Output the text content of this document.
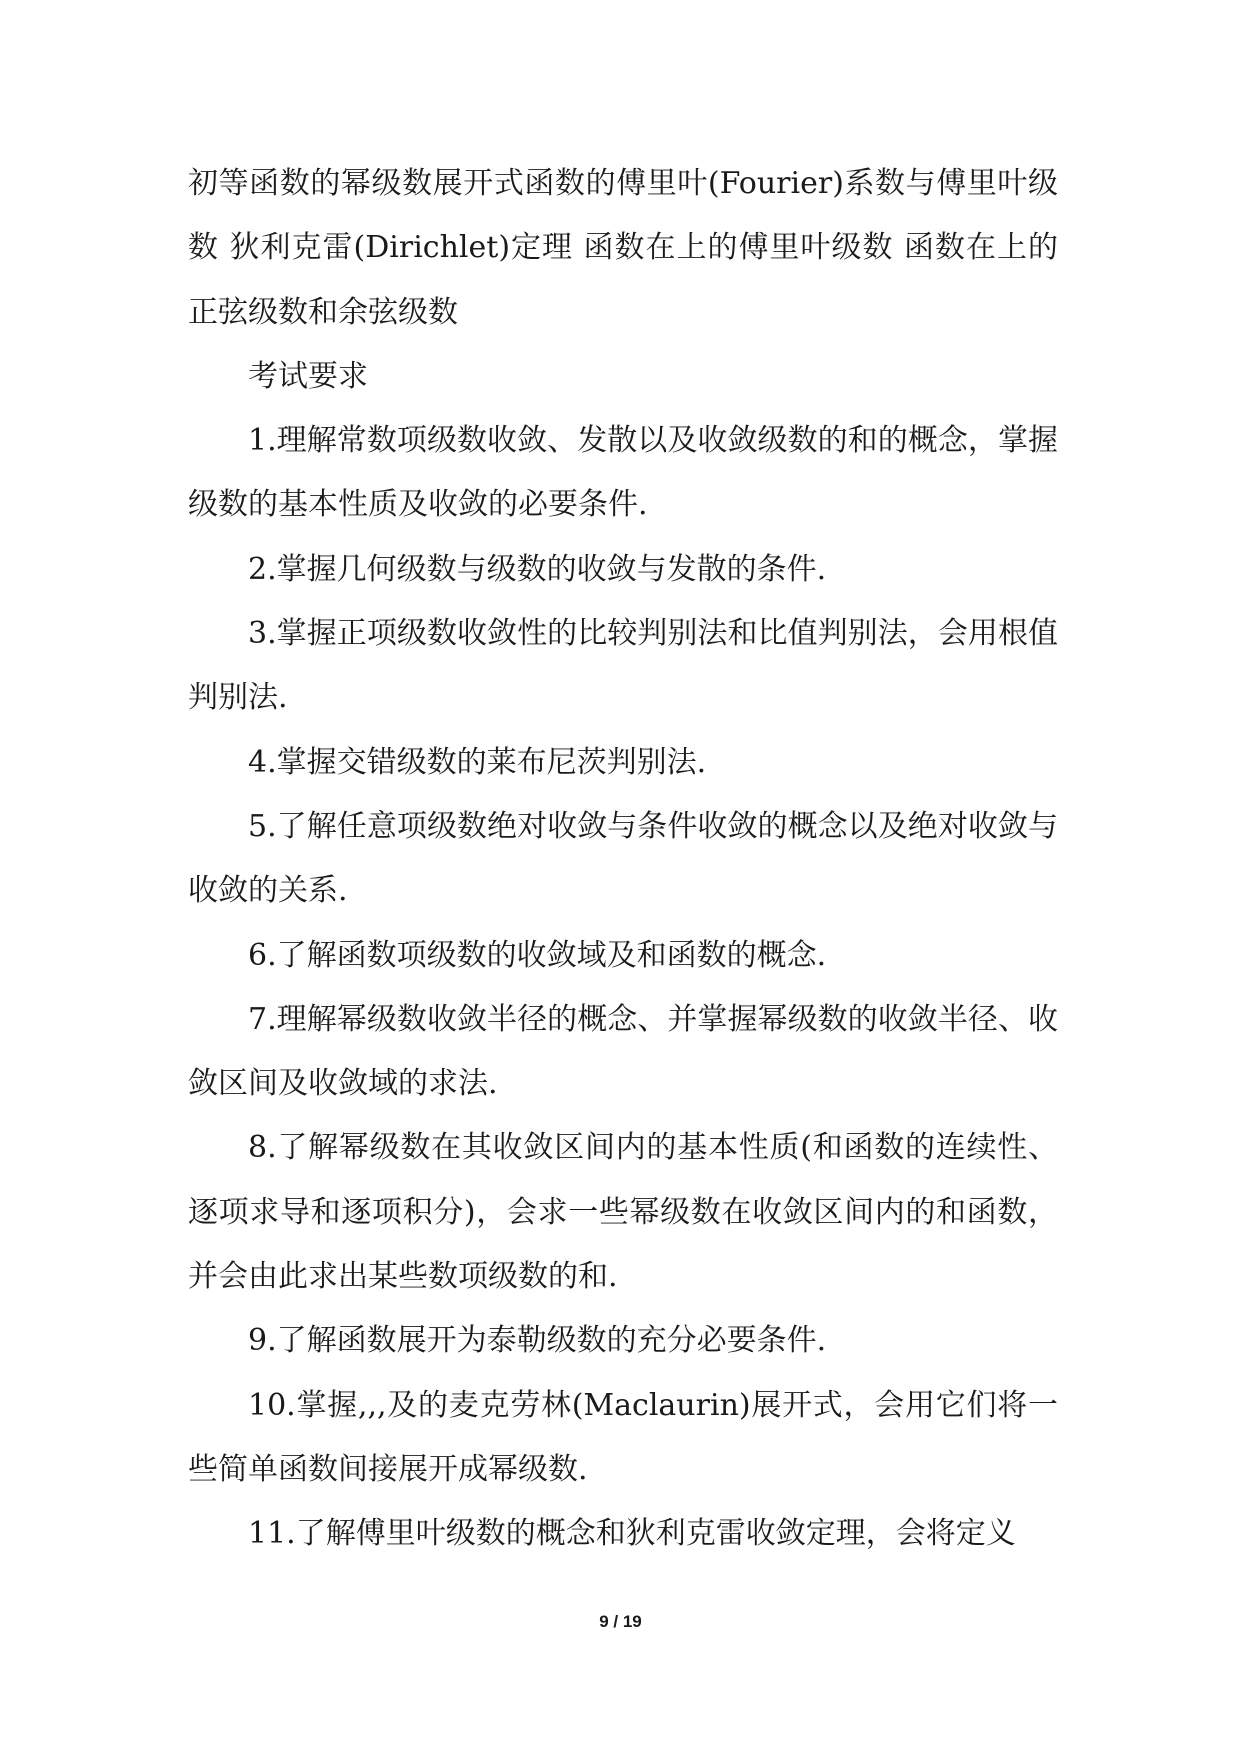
初等函数的幂级数展开式函数的傅里叶(Fourier)系数与傅里叶级数 狄利克雷(Dirichlet)定理 函数在上的傅里叶级数 函数在上的正弦级数和余弦级数

考试要求

1.理解常数项级数收敛、发散以及收敛级数的和的概念，掌握级数的基本性质及收敛的必要条件.

2.掌握几何级数与级数的收敛与发散的条件.

3.掌握正项级数收敛性的比较判别法和比值判别法，会用根值判别法.

4.掌握交错级数的莱布尼茨判别法.

5.了解任意项级数绝对收敛与条件收敛的概念以及绝对收敛与收敛的关系.

6.了解函数项级数的收敛域及和函数的概念.

7.理解幂级数收敛半径的概念、并掌握幂级数的收敛半径、收敛区间及收敛域的求法.

8.了解幂级数在其收敛区间内的基本性质(和函数的连续性、逐项求导和逐项积分)，会求一些幂级数在收敛区间内的和函数，并会由此求出某些数项级数的和.

9.了解函数展开为泰勒级数的充分必要条件.

10.掌握,,,及的麦克劳林(Maclaurin)展开式，会用它们将一些简单函数间接展开成幂级数.

11.了解傅里叶级数的概念和狄利克雷收敛定理，会将定义

9 / 19
